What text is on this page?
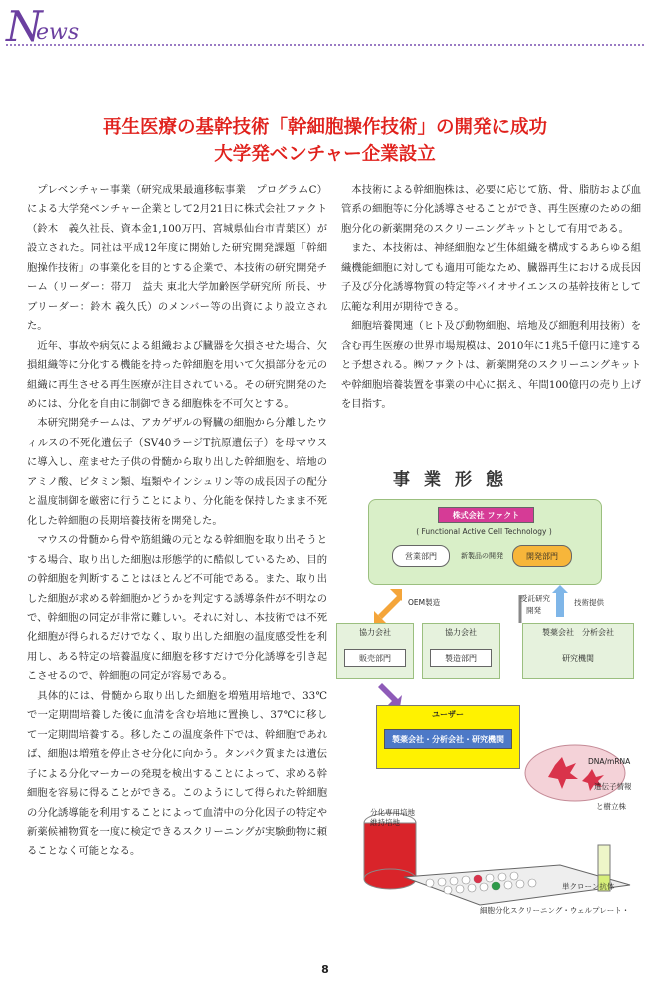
N
ews
再生医療の基幹技術「幹細胞操作技術」の開発に成功
大学発ベンチャー企業設立

プレベンチャー事業（研究成果最適移転事業　プログラムC）による大学発ベンチャー企業として2月21日に株式会社ファクト（鈴木　義久社長、資本金1,100万円、宮城県仙台市青葉区）が設立された。同社は平成12年度に開始した研究開発課題「幹細胞操作技術」の事業化を目的とする企業で、本技術の研究開発チーム（リーダー：帯刀　益夫 東北大学加齢医学研究所 所長、サブリーダー：鈴木 義久氏）のメンバー等の出資により設立された。

近年、事故や病気による組織および臓器を欠損させた場合、欠損組織等に分化する機能を持った幹細胞を用いて欠損部分を元の組織に再生させる再生医療が注目されている。その研究開発のためには、分化を自由に制御できる細胞株を不可欠とする。

本研究開発チームは、アカゲザルの腎臓の細胞から分離したウィルスの不死化遺伝子（SV40ラージT抗原遺伝子）を母マウスに導入し、産ませた子供の骨髄から取り出した幹細胞を、培地のアミノ酸、ビタミン類、塩類やインシュリン等の成長因子の配分と温度制御を厳密に行うことにより、分化能を保持したまま不死化した幹細胞の長期培養技術を開発した。

マウスの骨髄から骨や筋組織の元となる幹細胞を取り出そうとする場合、取り出した細胞は形態学的に酷似しているため、目的の幹細胞を判断することはほとんど不可能である。また、取り出した細胞が求める幹細胞かどうかを判定する誘導条件が不明なので、幹細胞の同定が非常に難しい。それに対し、本技術では不死化細胞が得られるだけでなく、取り出した細胞の温度感受性を利用し、ある特定の培養温度に細胞を移すだけで分化誘導を引き起こさせるので、幹細胞の同定が容易である。

具体的には、骨髄から取り出した細胞を増殖用培地で、33℃で一定期間培養した後に血清を含む培地に置換し、37℃に移して一定期間培養する。移したこの温度条件下では、幹細胞であれば、細胞は増殖を停止させ分化に向かう。タンパク質または遺伝子による分化マーカーの発現を検出することによって、求める幹細胞を容易に得ることができる。このようにして得られた幹細胞の分化誘導能を利用することによって血清中の分化因子の特定や新薬候補物質を一度に検定できるスクリーニングが実験動物に頼ることなく可能となる。

本技術による幹細胞株は、必要に応じて筋、骨、脂肪および血管系の細胞等に分化誘導させることができ、再生医療のための細胞分化の新薬開発のスクリーニングキットとして有用である。

また、本技術は、神経細胞など生体組織を構成するあらゆる組織機能細胞に対しても適用可能なため、臓器再生における成長因子及び分化誘導物質の特定等バイオサイエンスの基幹技術として広範な利用が期待できる。

細胞培養関連（ヒト及び動物細胞、培地及び細胞利用技術）を含む再生医療の世界市場規模は、2010年に1兆5千億円に達すると予想される。㈱ファクトは、新薬開発のスクリーニングキットや幹細胞培養装置を事業の中心に据え、年間100億円の売り上げを目指す。

事業形態
株式会社 ファクト
( Functional Active Cell Technology )
営業部門	新製品の開発	開発部門
OEM製造	受託研究
開発
技術提供
協力会社
販売部門
協力会社
製造部門
製薬会社　分析会社
研究機関
ユーザー
製薬会社・分析会社・研究機関
DNA/mRNA
遺伝子情報
と樹立株
分化専用培地
維持培地
単クローン抗体
細胞分化スクリーニング・ウェルプレート・
8
